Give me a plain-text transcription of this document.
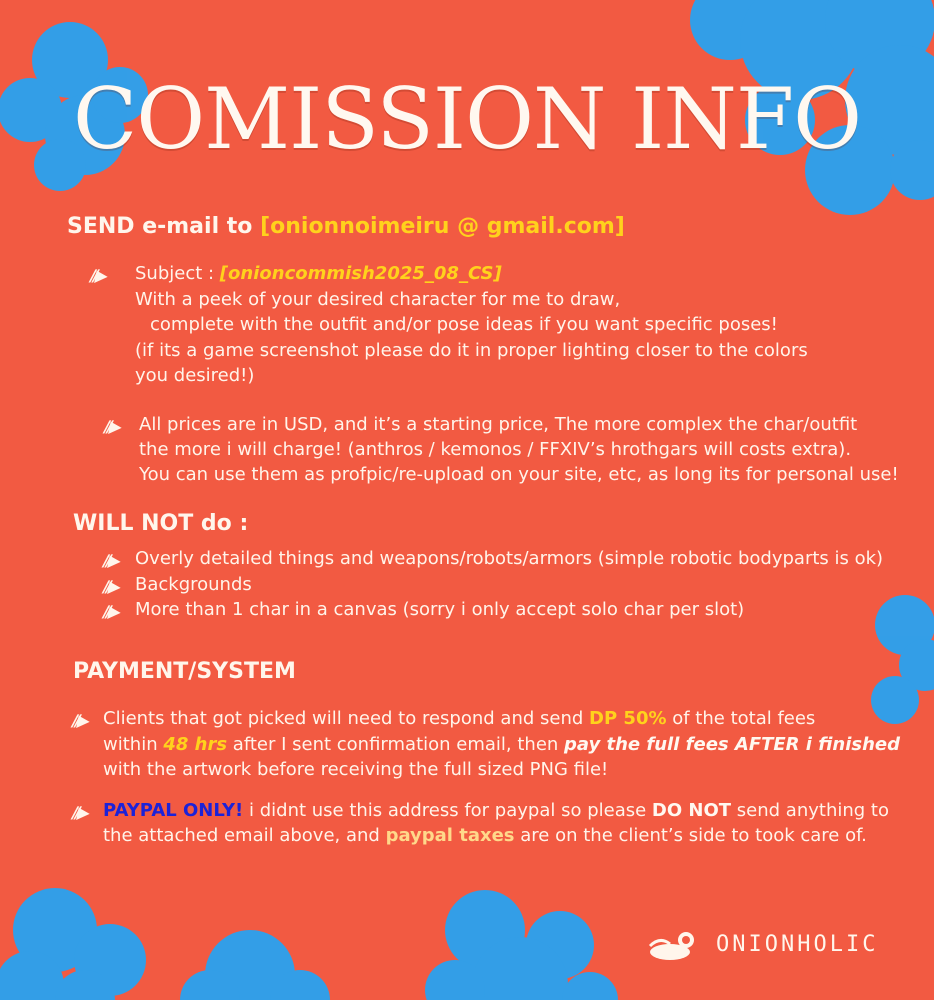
COMISSION INFO
SEND e-mail to [onionnoimeiru @ gmail.com]
//▶ Subject : [onioncommish2025_08_CS]
With a peek of your desired character for me to draw,
complete with the outfit and/or pose ideas if you want specific poses!
(if its a game screenshot please do it in proper lighting closer to the colors
you desired!)
//▶ All prices are in USD, and it’s a starting price, The more complex the char/outfit
the more i will charge! (anthros / kemonos / FFXIV’s hrothgars will costs extra).
You can use them as profpic/re-upload on your site, etc, as long its for personal use!
WILL NOT do :
//▶ Overly detailed things and weapons/robots/armors (simple robotic bodyparts is ok)
//▶ Backgrounds
//▶ More than 1 char in a canvas (sorry i only accept solo char per slot)
PAYMENT/SYSTEM
//▶ Clients that got picked will need to respond and send DP 50% of the total fees
within 48 hrs after I sent confirmation email, then pay the full fees AFTER i finished
with the artwork before receiving the full sized PNG file!
//▶ PAYPAL ONLY! i didnt use this address for paypal so please DO NOT send anything to
the attached email above, and paypal taxes are on the client’s side to took care of.
ONIONHOLIC
